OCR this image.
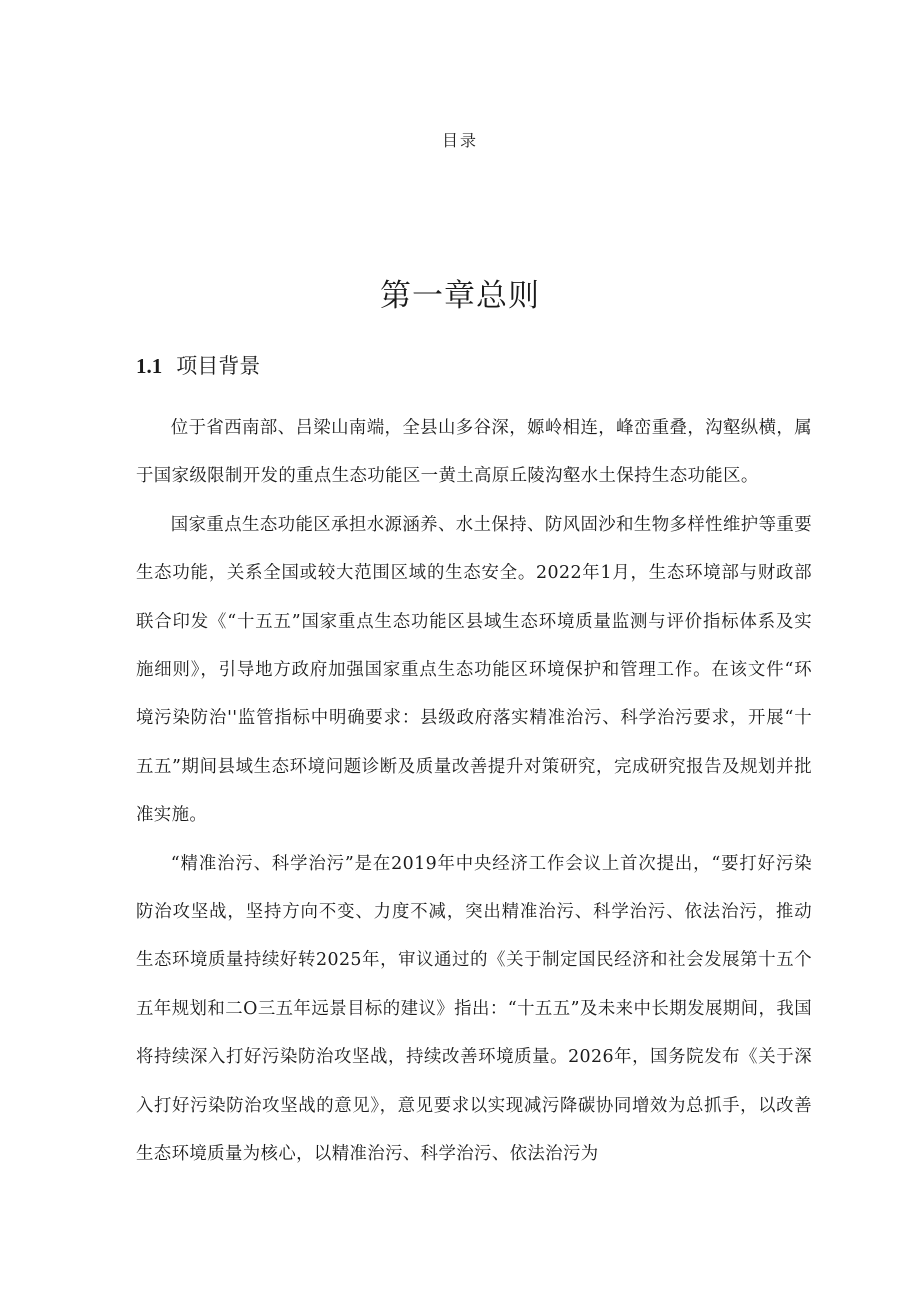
目录
第一章总则
1.1 项目背景

位于省西南部、吕梁山南端，全县山多谷深，嫄岭相连，峰峦重叠，沟壑纵横，属于国家级限制开发的重点生态功能区一黄土高原丘陵沟壑水土保持生态功能区。

国家重点生态功能区承担水源涵养、水土保持、防风固沙和生物多样性维护等重要生态功能，关系全国或较大范围区域的生态安全。2022年1月，生态环境部与财政部联合印发《“十五五”国家重点生态功能区县域生态环境质量监测与评价指标体系及实施细则》，引导地方政府加强国家重点生态功能区环境保护和管理工作。在该文件“环境污染防治''监管指标中明确要求：县级政府落实精准治污、科学治污要求，开展“十五五”期间县域生态环境问题诊断及质量改善提升对策研究，完成研究报告及规划并批准实施。

“精准治污、科学治污”是在2019年中央经济工作会议上首次提出，“要打好污染防治攻坚战，坚持方向不变、力度不减，突出精准治污、科学治污、依法治污，推动生态环境质量持续好转2025年，审议通过的《关于制定国民经济和社会发展第十五个五年规划和二O三五年远景目标的建议》指出：“十五五”及未来中长期发展期间，我国将持续深入打好污染防治攻坚战，持续改善环境质量。2026年，国务院发布《关于深入打好污染防治攻坚战的意见》，意见要求以实现减污降碳协同增效为总抓手，以改善生态环境质量为核心，以精准治污、科学治污、依法治污为
